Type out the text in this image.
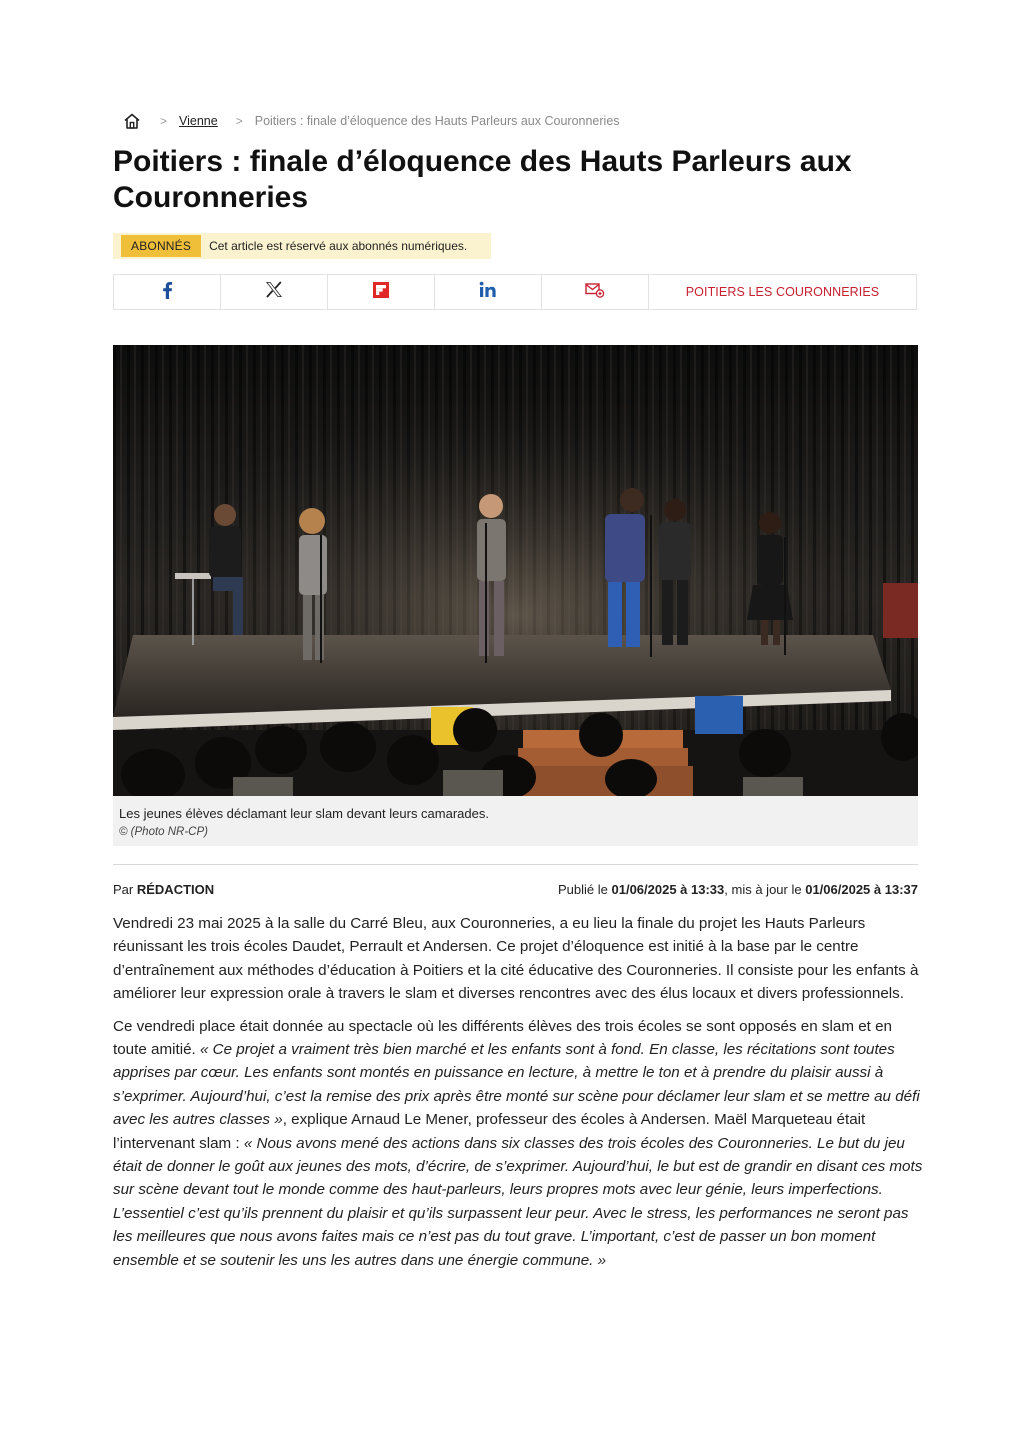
> Vienne > Poitiers : finale d’éloquence des Hauts Parleurs aux Couronneries
Poitiers : finale d’éloquence des Hauts Parleurs aux Couronneries
ABONNÉS	Cet article est réservé aux abonnés numériques.
POITIERS LES COURONNERIES
Les jeunes élèves déclamant leur slam devant leurs camarades.
© (Photo NR-CP)
Par RÉDACTION	Publié le 01/06/2025 à 13:33, mis à jour le 01/06/2025 à 13:37

Vendredi 23 mai 2025 à la salle du Carré Bleu, aux Couronneries, a eu lieu la finale du projet les Hauts Parleurs réunissant les trois écoles Daudet, Perrault et Andersen. Ce projet d’éloquence est initié à la base par le centre d’entraînement aux méthodes d’éducation à Poitiers et la cité éducative des Couronneries. Il consiste pour les enfants à améliorer leur expression orale à travers le slam et diverses rencontres avec des élus locaux et divers professionnels.

Ce vendredi place était donnée au spectacle où les différents élèves des trois écoles se sont opposés en slam et en toute amitié. « Ce projet a vraiment très bien marché et les enfants sont à fond. En classe, les récitations sont toutes apprises par cœur. Les enfants sont montés en puissance en lecture, à mettre le ton et à prendre du plaisir aussi à s’exprimer. Aujourd’hui, c’est la remise des prix après être monté sur scène pour déclamer leur slam et se mettre au défi avec les autres classes », explique Arnaud Le Mener, professeur des écoles à Andersen. Maël Marqueteau était l’intervenant slam : « Nous avons mené des actions dans six classes des trois écoles des Couronneries. Le but du jeu était de donner le goût aux jeunes des mots, d’écrire, de s’exprimer. Aujourd’hui, le but est de grandir en disant ces mots sur scène devant tout le monde comme des haut-parleurs, leurs propres mots avec leur génie, leurs imperfections. L’essentiel c’est qu’ils prennent du plaisir et qu’ils surpassent leur peur. Avec le stress, les performances ne seront pas les meilleures que nous avons faites mais ce n’est pas du tout grave. L’important, c’est de passer un bon moment ensemble et se soutenir les uns les autres dans une énergie commune. »
